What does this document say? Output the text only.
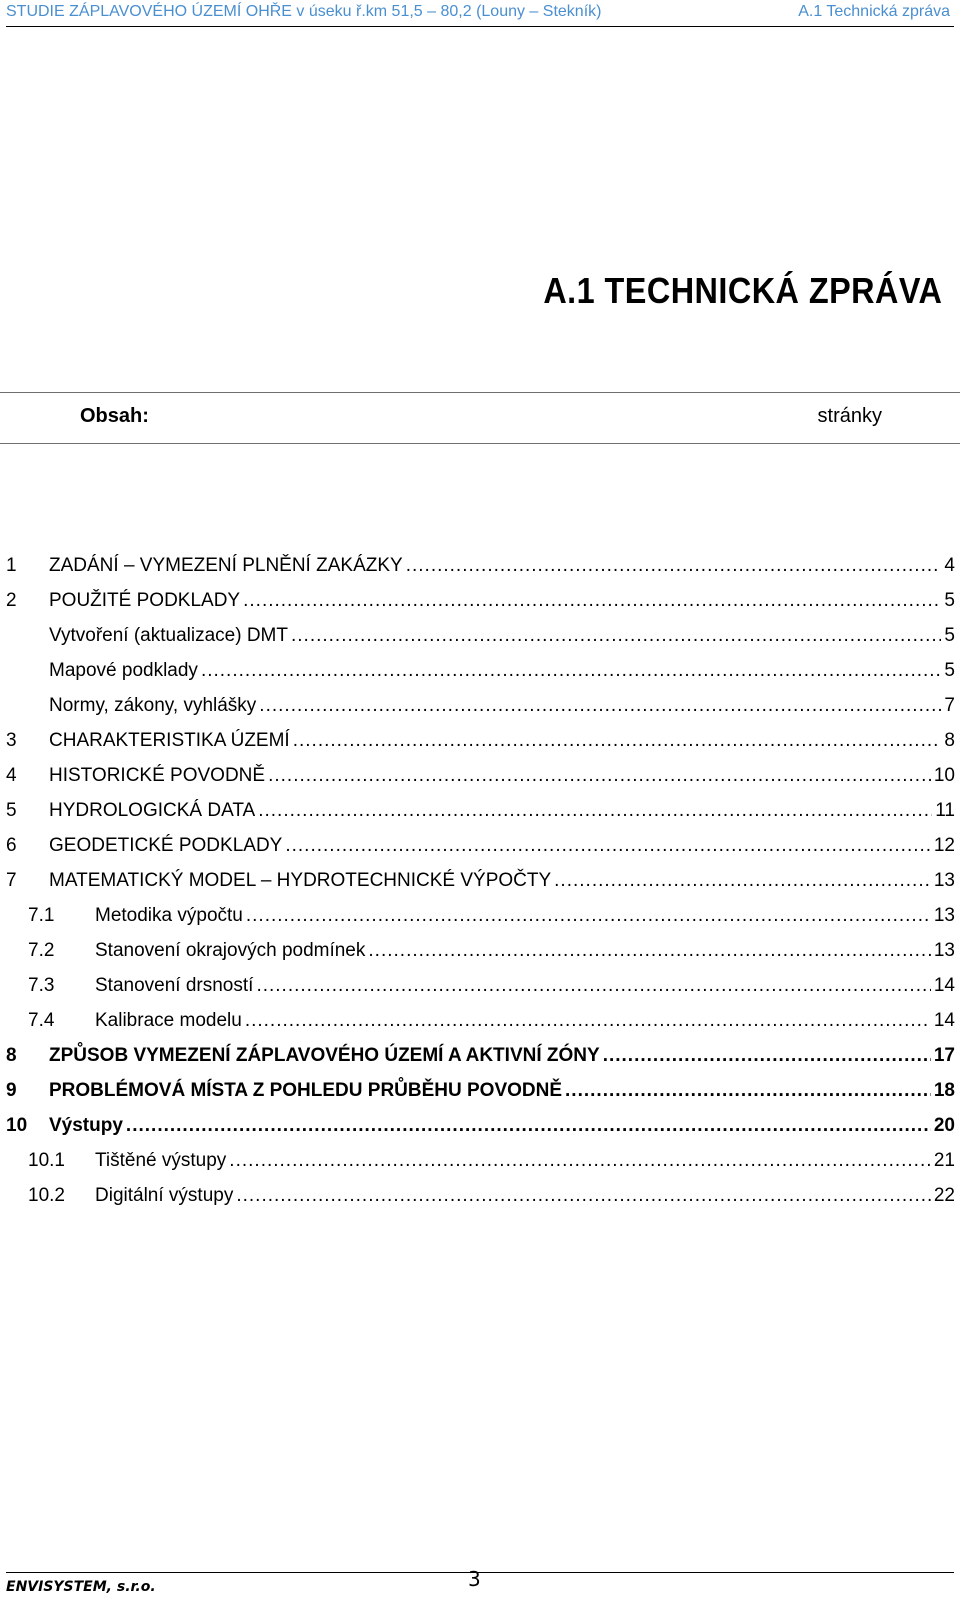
STUDIE ZÁPLAVOVÉHO ÚZEMÍ OHŘE v úseku ř.km 51,5 – 80,2 (Louny – Stekník)	A.1 Technická zpráva
A.1 TECHNICKÁ ZPRÁVA
Obsah:	stránky
1	ZADÁNÍ – VYMEZENÍ PLNĚNÍ ZAKÁZKY .....	4
2	POUŽITÉ PODKLADY .....	5
Vytvoření (aktualizace) DMT .....	5
Mapové podklady .....	5
Normy, zákony, vyhlášky .....	7
3	CHARAKTERISTIKA ÚZEMÍ .....	8
4	HISTORICKÉ POVODNĚ .....	10
5	HYDROLOGICKÁ DATA .....	11
6	GEODETICKÉ PODKLADY .....	12
7	MATEMATICKÝ MODEL – HYDROTECHNICKÉ VÝPOČTY .....	13
7.1	Metodika výpočtu .....	13
7.2	Stanovení okrajových podmínek .....	13
7.3	Stanovení drsností .....	14
7.4	Kalibrace modelu .....	14
8	ZPŮSOB VYMEZENÍ ZÁPLAVOVÉHO ÚZEMÍ A AKTIVNÍ ZÓNY .....	17
9	PROBLÉMOVÁ MÍSTA Z POHLEDU PRŮBĚHU POVODNĚ .....	18
10	Výstupy .....	20
10.1	Tištěné výstupy .....	21
10.2	Digitální výstupy .....	22
ENVISYSTEM, s.r.o.	3
